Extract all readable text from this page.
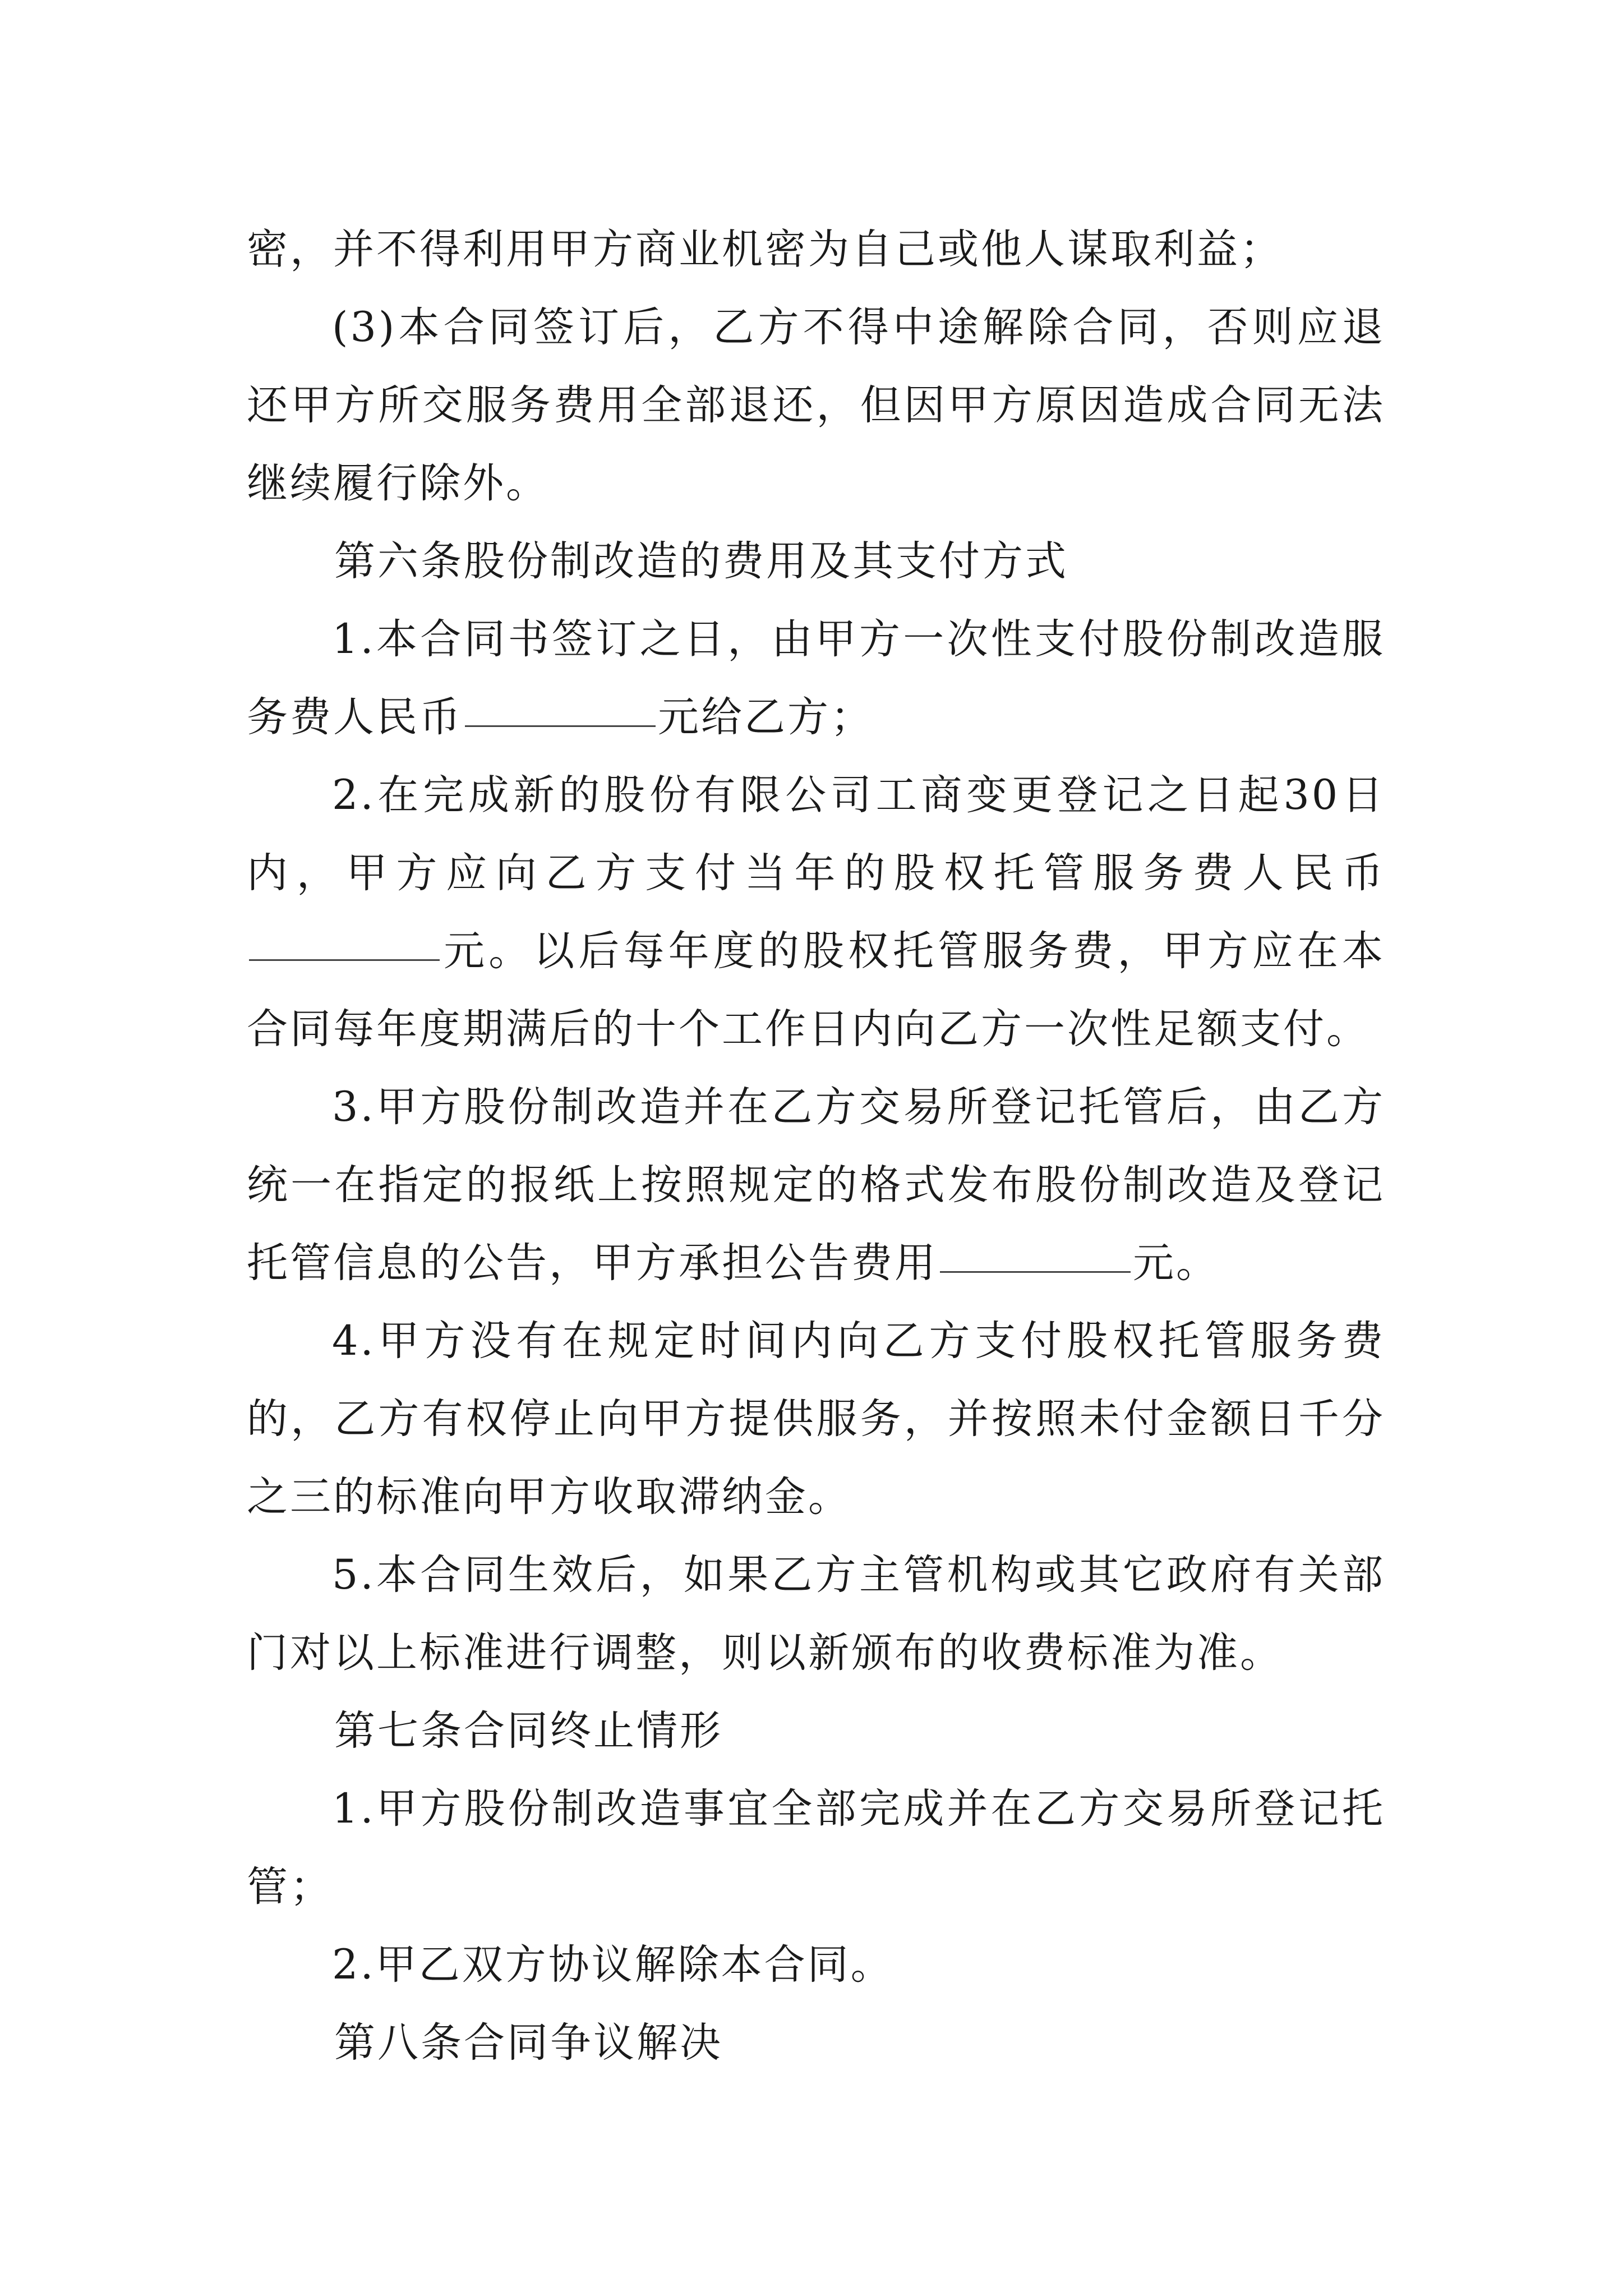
密，并不得利用甲方商业机密为自己或他人谋取利益；

(3)本合同签订后，乙方不得中途解除合同，否则应退还甲方所交服务费用全部退还，但因甲方原因造成合同无法继续履行除外。

第六条股份制改造的费用及其支付方式

1.本合同书签订之日，由甲方一次性支付股份制改造服务费人民币	元给乙方；

2.在完成新的股份有限公司工商变更登记之日起30日内，甲方应向乙方支付当年的股权托管服务费人民币元。以后每年度的股权托管服务费，甲方应在本合同每年度期满后的十个工作日内向乙方一次性足额支付。

3.甲方股份制改造并在乙方交易所登记托管后，由乙方统一在指定的报纸上按照规定的格式发布股份制改造及登记托管信息的公告，甲方承担公告费用	元。

4.甲方没有在规定时间内向乙方支付股权托管服务费的，乙方有权停止向甲方提供服务，并按照未付金额日千分之三的标准向甲方收取滞纳金。

5.本合同生效后，如果乙方主管机构或其它政府有关部门对以上标准进行调整，则以新颁布的收费标准为准。

第七条合同终止情形

1.甲方股份制改造事宜全部完成并在乙方交易所登记托管；

2.甲乙双方协议解除本合同。

第八条合同争议解决
